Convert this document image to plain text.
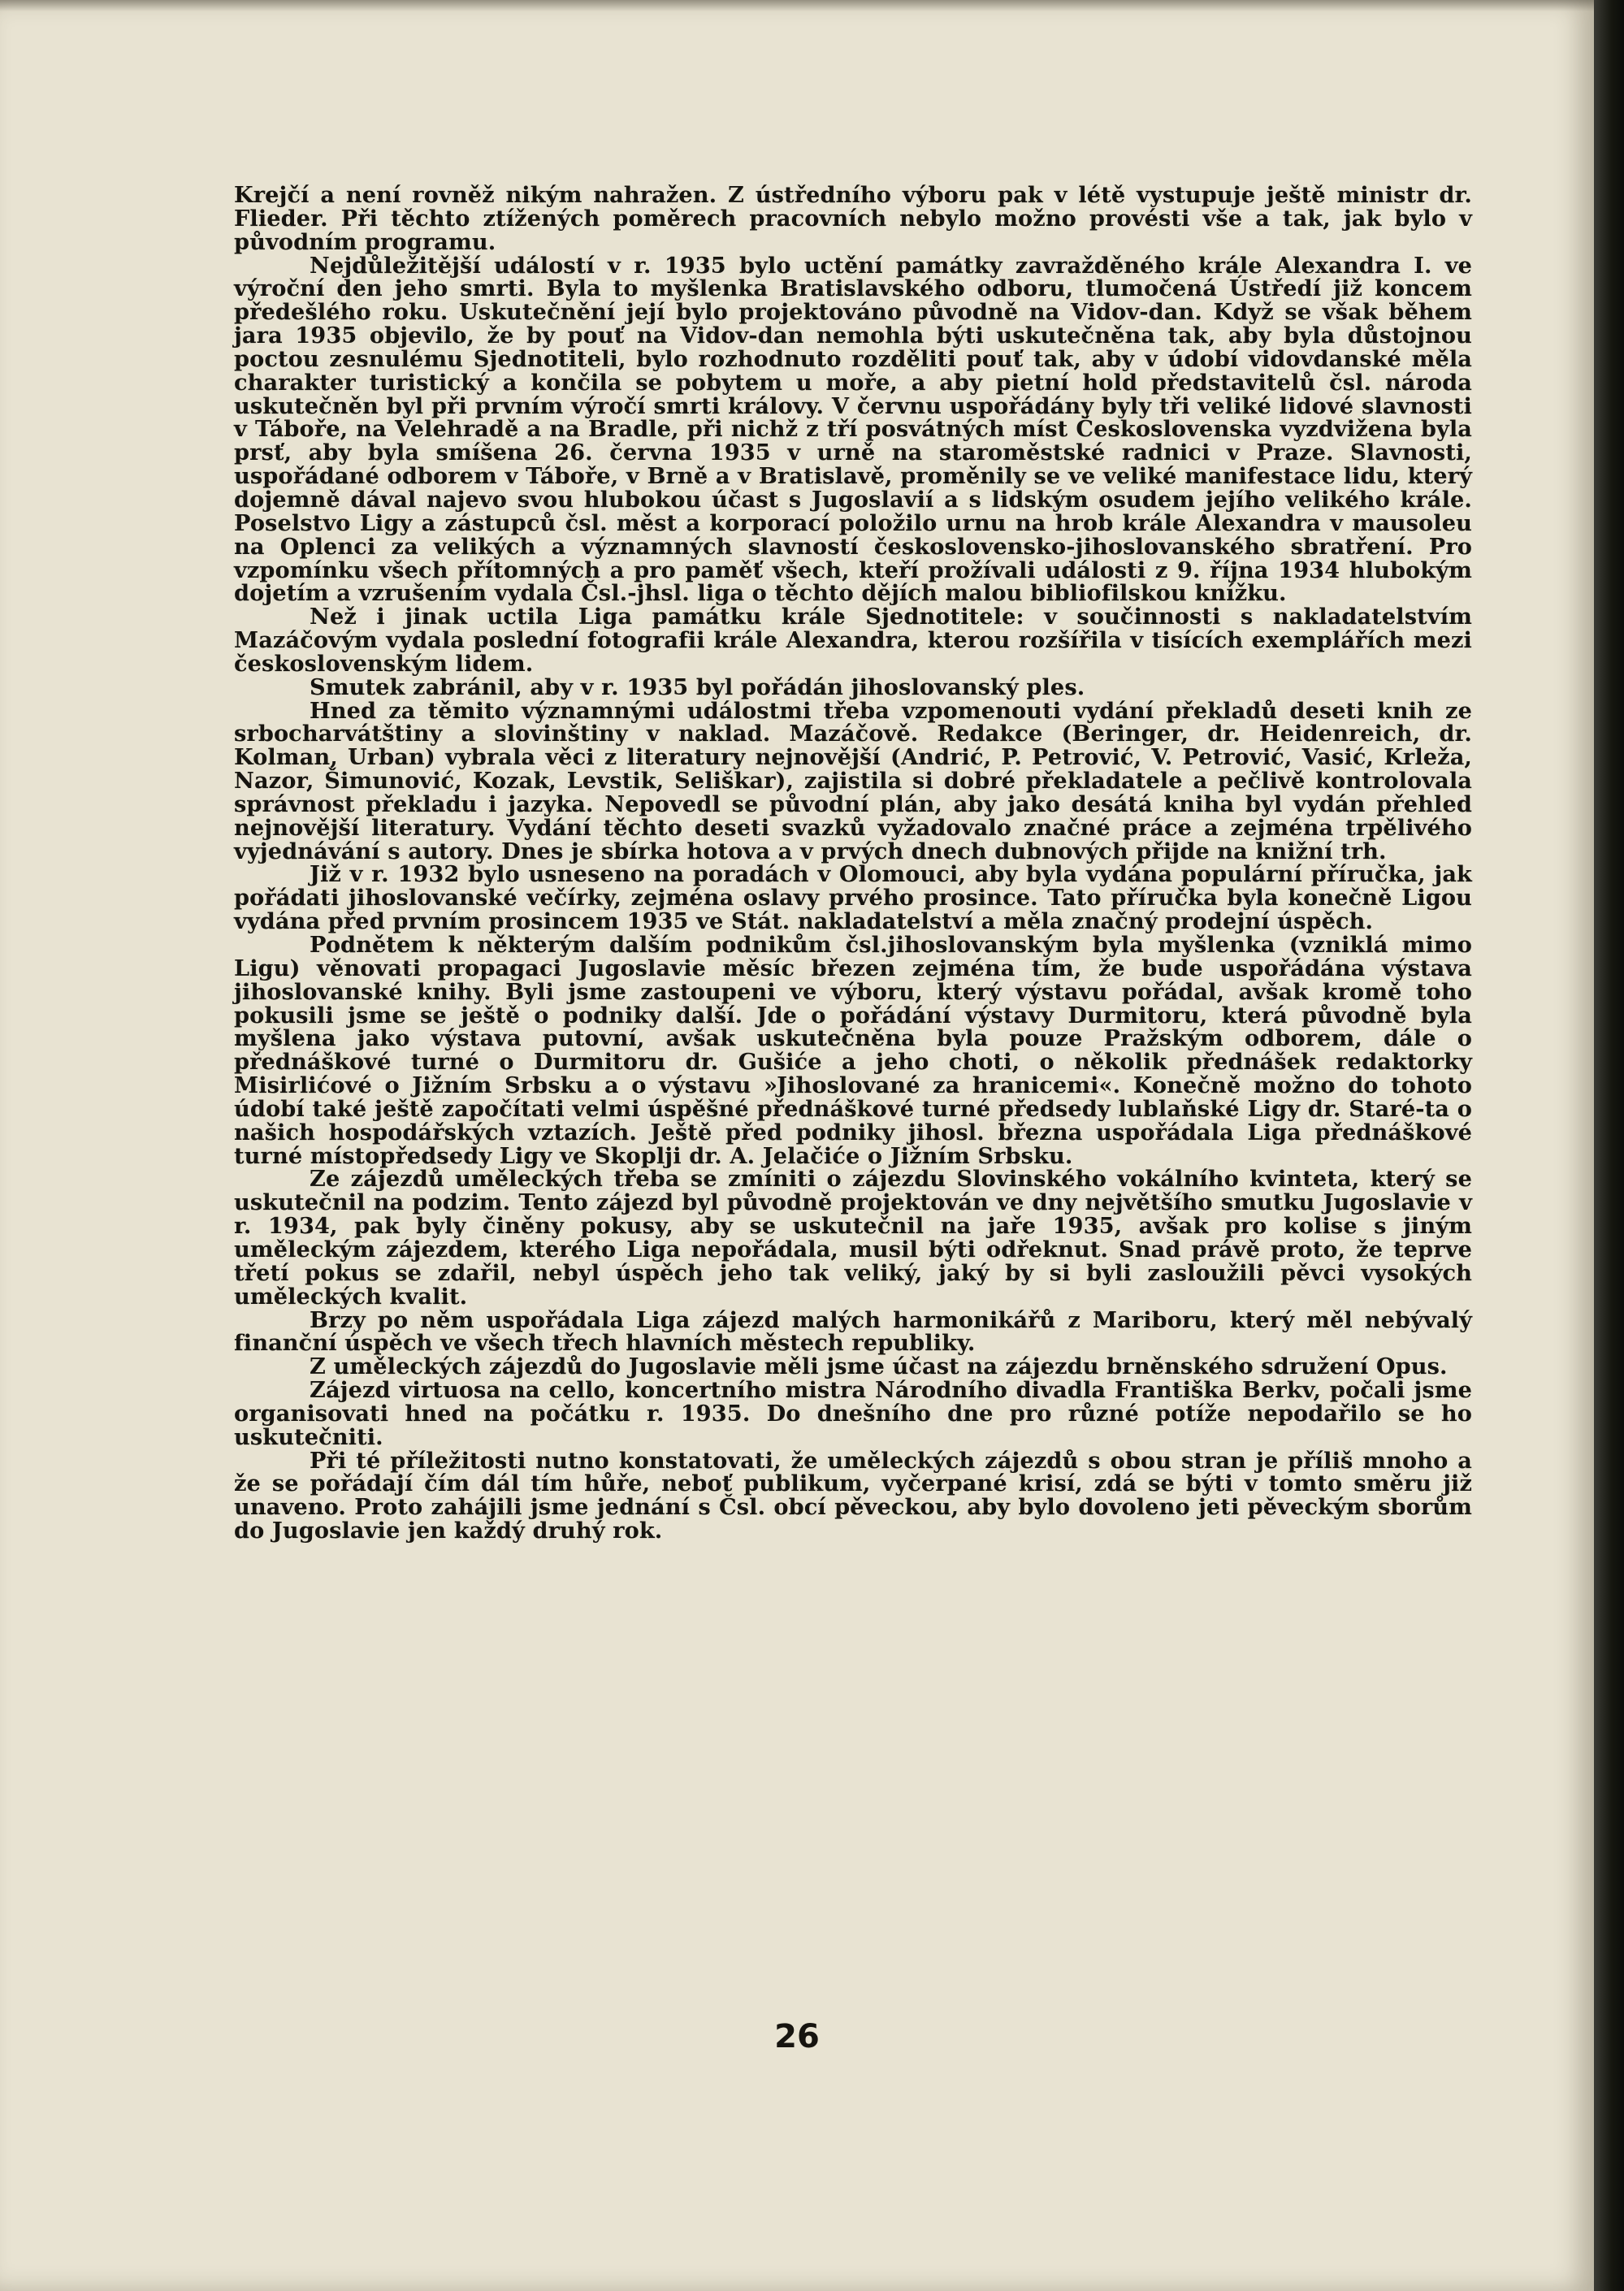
Krejčí a není rovněž nikým nahražen. Z ústředního výboru pak v létě vystupuje ještě ministr dr. Flieder. Při těchto ztížených poměrech pracovních nebylo možno provésti vše a tak, jak bylo v původním programu.

Nejdůležitější událostí v r. 1935 bylo uctění památky zavražděného krále Alexandra I. ve výroční den jeho smrti. Byla to myšlenka Bratislavského odboru, tlumočená Ústředí již koncem předešlého roku. Uskutečnění její bylo projektováno původně na Vidov-dan. Když se však během jara 1935 objevilo, že by pouť na Vidov-dan nemohla býti uskutečněna tak, aby byla důstojnou poctou zesnulému Sjednotiteli, bylo rozhodnuto rozděliti pouť tak, aby v údobí vidovdanské měla charakter turistický a končila se pobytem u moře, a aby pietní hold představitelů čsl. národa uskutečněn byl při prvním výročí smrti královy. V červnu uspořádány byly tři veliké lidové slavnosti v Táboře, na Velehradě a na Bradle, při nichž z tří posvátných míst Československa vyzdvižena byla prsť, aby byla smíšena 26. června 1935 v urně na staroměstské radnici v Praze. Slavnosti, uspořádané odborem v Táboře, v Brně a v Bratislavě, proměnily se ve veliké manifestace lidu, který dojemně dával najevo svou hlubokou účast s Jugoslavií a s lidským osudem jejího velikého krále. Poselstvo Ligy a zástupců čsl. měst a korporací položilo urnu na hrob krále Alexandra v mausoleu na Oplenci za velikých a významných slavností československo-jihoslovanského sbratření. Pro vzpomínku všech přítomných a pro paměť všech, kteří prožívali události z 9. října 1934 hlubokým dojetím a vzrušením vydala Čsl.-jhsl. liga o těchto dějích malou bibliofilskou knížku.

Než i jinak uctila Liga památku krále Sjednotitele: v součinnosti s nakladatelstvím Mazáčovým vydala poslední fotografii krále Alexandra, kterou rozšířila v tisících exemplářích mezi československým lidem.

Smutek zabránil, aby v r. 1935 byl pořádán jihoslovanský ples.

Hned za těmito významnými událostmi třeba vzpomenouti vydání překladů deseti knih ze srbocharvátštiny a slovinštiny v naklad. Mazáčově. Redakce (Beringer, dr. Heidenreich, dr. Kolman, Urban) vybrala věci z literatury nejnovější (Andrić, P. Petrović, V. Petrović, Vasić, Krleža, Nazor, Šimunović, Kozak, Levstik, Seliškar), zajistila si dobré překladatele a pečlivě kontrolovala správnost překladu i jazyka. Nepovedl se původní plán, aby jako desátá kniha byl vydán přehled nejnovější literatury. Vydání těchto deseti svazků vyžadovalo značné práce a zejména trpělivého vyjednávání s autory. Dnes je sbírka hotova a v prvých dnech dubnových přijde na knižní trh.

Již v r. 1932 bylo usneseno na poradách v Olomouci, aby byla vydána populární příručka, jak pořádati jihoslovanské večírky, zejména oslavy prvého prosince. Tato příručka byla konečně Ligou vydána před prvním prosincem 1935 ve Stát. nakladatelství a měla značný prodejní úspěch.

Podnětem k některým dalším podnikům čsl.jihoslovanským byla myšlenka (vzniklá mimo Ligu) věnovati propagaci Jugoslavie měsíc březen zejména tím, že bude uspořádána výstava jihoslovanské knihy. Byli jsme zastoupeni ve výboru, který výstavu pořádal, avšak kromě toho pokusili jsme se ještě o podniky další. Jde o pořádání výstavy Durmitoru, která původně byla myšlena jako výstava putovní, avšak uskutečněna byla pouze Pražským odborem, dále o přednáškové turné o Durmitoru dr. Gušiće a jeho choti, o několik přednášek redaktorky Misirlićové o Jižním Srbsku a o výstavu »Jihoslované za hranicemi«. Konečně možno do tohoto údobí také ještě započítati velmi úspěšné přednáškové turné předsedy lublaňské Ligy dr. Staré-ta o našich hospodářských vztazích. Ještě před podniky jihosl. března uspořádala Liga přednáškové turné místopředsedy Ligy ve Skoplji dr. A. Jelačiće o Jižním Srbsku.

Ze zájezdů uměleckých třeba se zmíniti o zájezdu Slovinského vokálního kvinteta, který se uskutečnil na podzim. Tento zájezd byl původně projektován ve dny největšího smutku Jugoslavie v r. 1934, pak byly činěny pokusy, aby se uskutečnil na jaře 1935, avšak pro kolise s jiným uměleckým zájezdem, kterého Liga nepořádala, musil býti odřeknut. Snad právě proto, že teprve třetí pokus se zdařil, nebyl úspěch jeho tak veliký, jaký by si byli zasloužili pěvci vysokých uměleckých kvalit.

Brzy po něm uspořádala Liga zájezd malých harmonikářů z Mariboru, který měl nebývalý finanční úspěch ve všech třech hlavních městech republiky.

Z uměleckých zájezdů do Jugoslavie měli jsme účast na zájezdu brněnského sdružení Opus.

Zájezd virtuosa na cello, koncertního mistra Národního divadla Františka Berkv, počali jsme organisovati hned na počátku r. 1935. Do dnešního dne pro různé potíže nepodařilo se ho uskutečniti.

Při té příležitosti nutno konstatovati, že uměleckých zájezdů s obou stran je příliš mnoho a že se pořádají čím dál tím hůře, neboť publikum, vyčerpané krisí, zdá se býti v tomto směru již unaveno. Proto zahájili jsme jednání s Čsl. obcí pěveckou, aby bylo dovoleno jeti pěveckým sborům do Jugoslavie jen každý druhý rok.

26
